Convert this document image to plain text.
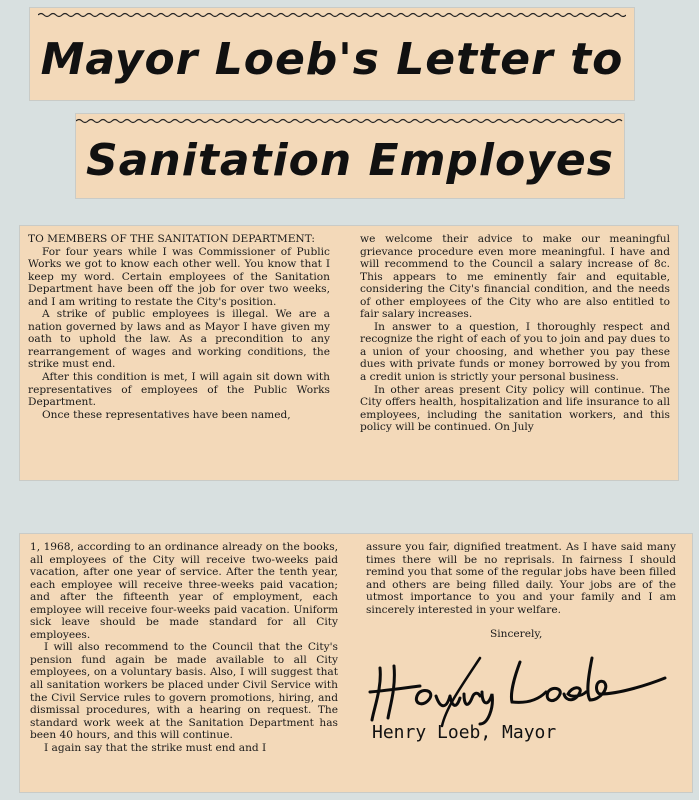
Mayor Loeb's Letter to
Sanitation Employes

TO MEMBERS OF THE SANITATION DEPARTMENT:

For four years while I was Commissioner of Public Works we got to know each other well. You know that I keep my word. Certain employees of the Sanitation Department have been off the job for over two weeks, and I am writing to restate the City's position.

A strike of public employees is illegal. We are a nation governed by laws and as Mayor I have given my oath to uphold the law. As a precondition to any rearrangement of wages and working conditions, the strike must end.

After this condition is met, I will again sit down with representatives of employees of the Public Works Department.

Once these representatives have been named,

we welcome their advice to make our meaningful grievance procedure even more meaningful. I have and will recommend to the Council a salary increase of 8c. This appears to me eminently fair and equitable, considering the City's financial condition, and the needs of other employees of the City who are also entitled to fair salary increases.

In answer to a question, I thoroughly respect and recognize the right of each of you to join and pay dues to a union of your choosing, and whether you pay these dues with private funds or money borrowed by you from a credit union is strictly your personal business.

In other areas present City policy will continue. The City offers health, hospitalization and life insurance to all employees, including the sanitation workers, and this policy will be continued. On July

1, 1968, according to an ordinance already on the books, all employees of the City will receive two-weeks paid vacation, after one year of service. After the tenth year, each employee will receive three-weeks paid vacation; and after the fifteenth year of employment, each employee will receive four-weeks paid vacation. Uniform sick leave should be made standard for all City employees.

I will also recommend to the Council that the City's pension fund again be made available to all City employees, on a voluntary basis. Also, I will suggest that all sanitation workers be placed under Civil Service with the Civil Service rules to govern promotions, hiring, and dismissal procedures, with a hearing on request. The standard work week at the Sanitation Department has been 40 hours, and this will continue.

I again say that the strike must end and I

assure you fair, dignified treatment. As I have said many times there will be no reprisals. In fairness I should remind you that some of the regular jobs have been filled and others are being filled daily. Your jobs are of the utmost importance to you and your family and I am sincerely interested in your welfare.

Sincerely,
Henry Loeb, Mayor
